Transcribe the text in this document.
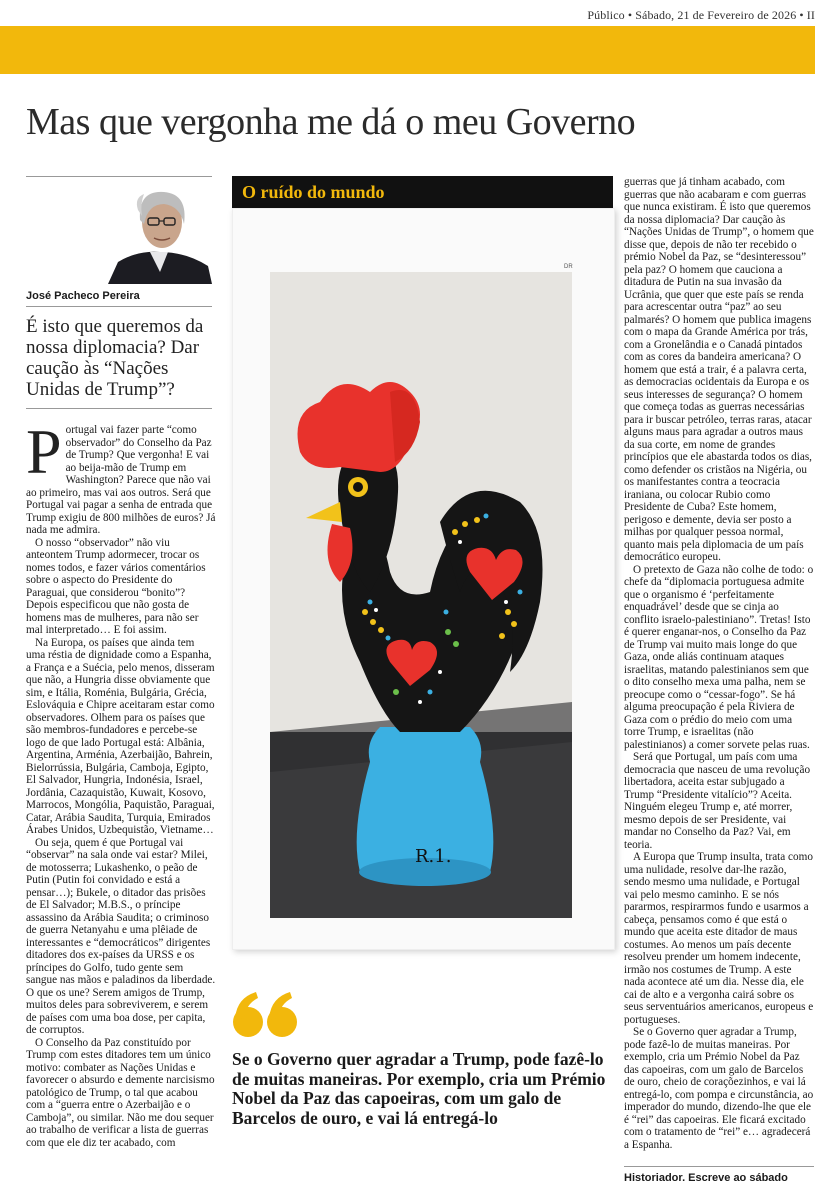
Público • Sábado, 21 de Fevereiro de 2026 • II
Mas que vergonha me dá o meu Governo
José Pacheco Pereira
É isto que queremos da nossa diplomacia? Dar caução às “Nações Unidas de Trump”?
P ortugal vai fazer parte “como observador” do Conselho da Paz de Trump? Que vergonha! E vai ao beija-mão de Trump em Washington? Parece que não vai ao primeiro, mas vai aos outros. Será que Portugal vai pagar a senha de entrada que Trump exigiu de 800 milhões de euros? Já nada me admira.

O nosso “observador” não viu anteontem Trump adormecer, trocar os nomes todos, e fazer vários comentários sobre o aspecto do Presidente do Paraguai, que considerou “bonito”? Depois especificou que não gosta de homens mas de mulheres, para não ser mal interpretado… E foi assim.

Na Europa, os países que ainda tem uma réstia de dignidade como a Espanha, a França e a Suécia, pelo menos, disseram que não, a Hungria disse obviamente que sim, e Itália, Roménia, Bulgária, Grécia, Eslováquia e Chipre aceitaram estar como observadores. Olhem para os países que são membros-fundadores e percebe-se logo de que lado Portugal está: Albânia, Argentina, Arménia, Azerbaijão, Bahrein, Bielorrússia, Bulgária, Camboja, Egipto, El Salvador, Hungria, Indonésia, Israel, Jordânia, Cazaquistão, Kuwait, Kosovo, Marrocos, Mongólia, Paquistão, Paraguai, Catar, Arábia Saudita, Turquia, Emirados Árabes Unidos, Uzbequistão, Vietname…

Ou seja, quem é que Portugal vai “observar” na sala onde vai estar? Milei, de motosserra; Lukashenko, o peão de Putin (Putin foi convidado e está a pensar…); Bukele, o ditador das prisões de El Salvador; M.B.S., o príncipe assassino da Arábia Saudita; o criminoso de guerra Netanyahu e uma plêiade de interessantes e “democráticos” dirigentes ditadores dos ex-países da URSS e os príncipes do Golfo, tudo gente sem sangue nas mãos e paladinos da liberdade. O que os une? Serem amigos de Trump, muitos deles para sobreviverem, e serem de países com uma boa dose, per capita, de corruptos.

O Conselho da Paz constituído por Trump com estes ditadores tem um único motivo: combater as Nações Unidas e favorecer o absurdo e demente narcisismo patológico de Trump, o tal que acabou com a “guerra entre o Azerbaijão e o Camboja”, ou similar. Não me dou sequer ao trabalho de verificar a lista de guerras com que ele diz ter acabado, com

O ruído do mundo
DR
R.1.
Se o Governo quer agradar a Trump, pode fazê-lo de muitas maneiras. Por exemplo, cria um Prémio Nobel da Paz das capoeiras, com um galo de Barcelos de ouro, e vai lá entregá-lo

guerras que já tinham acabado, com guerras que não acabaram e com guerras que nunca existiram. É isto que queremos da nossa diplomacia? Dar caução às “Nações Unidas de Trump”, o homem que disse que, depois de não ter recebido o prémio Nobel da Paz, se “desinteressou” pela paz? O homem que cauciona a ditadura de Putin na sua invasão da Ucrânia, que quer que este país se renda para acrescentar outra “paz” ao seu palmarés? O homem que publica imagens com o mapa da Grande América por trás, com a Gronelândia e o Canadá pintados com as cores da bandeira americana? O homem que está a trair, é a palavra certa, as democracias ocidentais da Europa e os seus interesses de segurança? O homem que começa todas as guerras necessárias para ir buscar petróleo, terras raras, atacar alguns maus para agradar a outros maus da sua corte, em nome de grandes princípios que ele abastarda todos os dias, como defender os cristãos na Nigéria, ou os manifestantes contra a teocracia iraniana, ou colocar Rubio como Presidente de Cuba? Este homem, perigoso e demente, devia ser posto a milhas por qualquer pessoa normal, quanto mais pela diplomacia de um país democrático europeu.

O pretexto de Gaza não colhe de todo: o chefe da “diplomacia portuguesa admite que o organismo é ‘perfeitamente enquadrável’ desde que se cinja ao conflito israelo-palestiniano”. Tretas! Isto é querer enganar-nos, o Conselho da Paz de Trump vai muito mais longe do que Gaza, onde aliás continuam ataques israelitas, matando palestinianos sem que o dito conselho mexa uma palha, nem se preocupe como o “cessar-fogo”. Se há alguma preocupação é pela Riviera de Gaza com o prédio do meio com uma torre Trump, e israelitas (não palestinianos) a comer sorvete pelas ruas.

Será que Portugal, um país com uma democracia que nasceu de uma revolução libertadora, aceita estar subjugado a Trump “Presidente vitalício”? Aceita. Ninguém elegeu Trump e, até morrer, mesmo depois de ser Presidente, vai mandar no Conselho da Paz? Vai, em teoria.

A Europa que Trump insulta, trata como uma nulidade, resolve dar-lhe razão, sendo mesmo uma nulidade, e Portugal vai pelo mesmo caminho. E se nós pararmos, respirarmos fundo e usarmos a cabeça, pensamos como é que está o mundo que aceita este ditador de maus costumes. Ao menos um país decente resolveu prender um homem indecente, irmão nos costumes de Trump. A este nada acontece até um dia. Nesse dia, ele cai de alto e a vergonha cairá sobre os seus serventuários americanos, europeus e portugueses.

Se o Governo quer agradar a Trump, pode fazê-lo de muitas maneiras. Por exemplo, cria um Prémio Nobel da Paz das capoeiras, com um galo de Barcelos de ouro, cheio de coraçõezinhos, e vai lá entregá-lo, com pompa e circunstância, ao imperador do mundo, dizendo-lhe que ele é “rei” das capoeiras. Ele ficará excitado com o tratamento de “rei” e… agradecerá a Espanha.

Historiador. Escreve ao sábado
